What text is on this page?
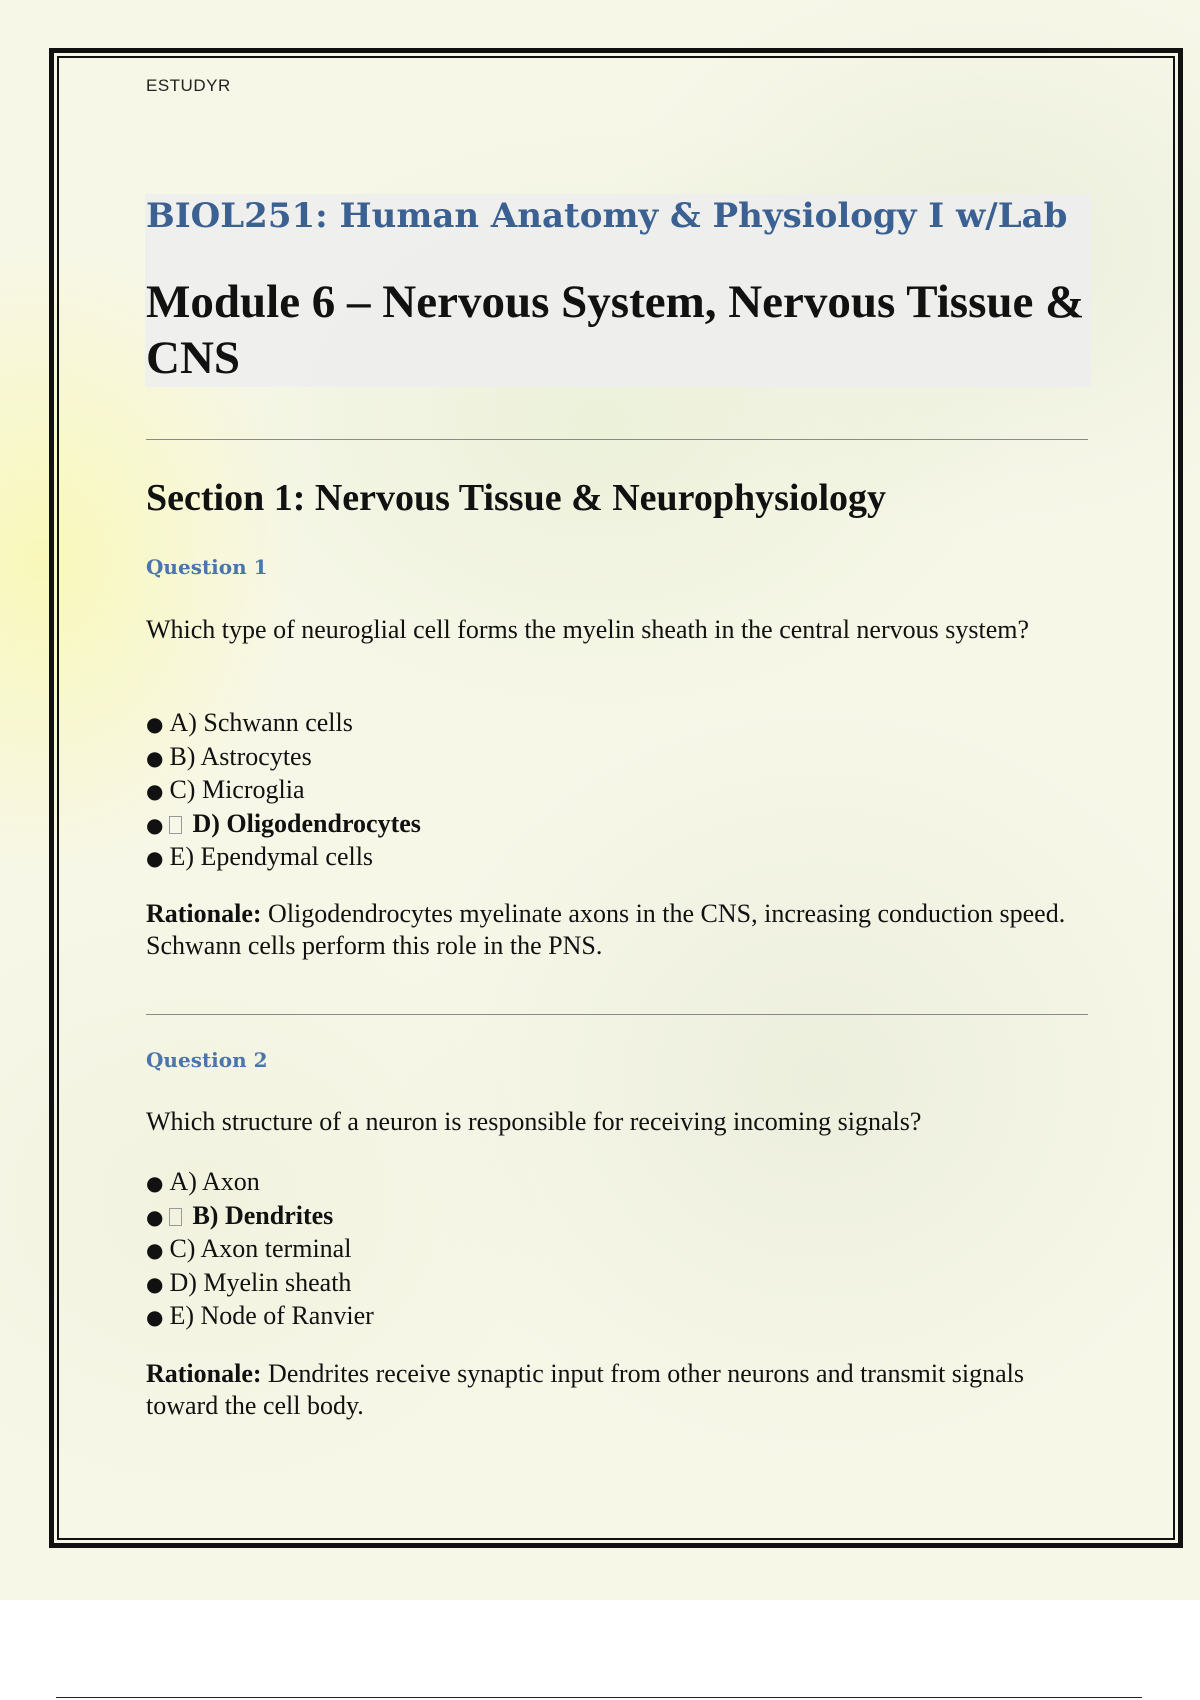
ESTUDYR
BIOL251: Human Anatomy & Physiology I w/Lab
Module 6 – Nervous System, Nervous Tissue & CNS
Section 1: Nervous Tissue & Neurophysiology
Question 1

Which type of neuroglial cell forms the myelin sheath in the central nervous system?

● A) Schwann cells
● B) Astrocytes
● C) Microglia
● D) Oligodendrocytes
● E) Ependymal cells

Rationale: Oligodendrocytes myelinate axons in the CNS, increasing conduction speed. Schwann cells perform this role in the PNS.

Question 2

Which structure of a neuron is responsible for receiving incoming signals?

● A) Axon
● B) Dendrites
● C) Axon terminal
● D) Myelin sheath
● E) Node of Ranvier

Rationale: Dendrites receive synaptic input from other neurons and transmit signals toward the cell body.
